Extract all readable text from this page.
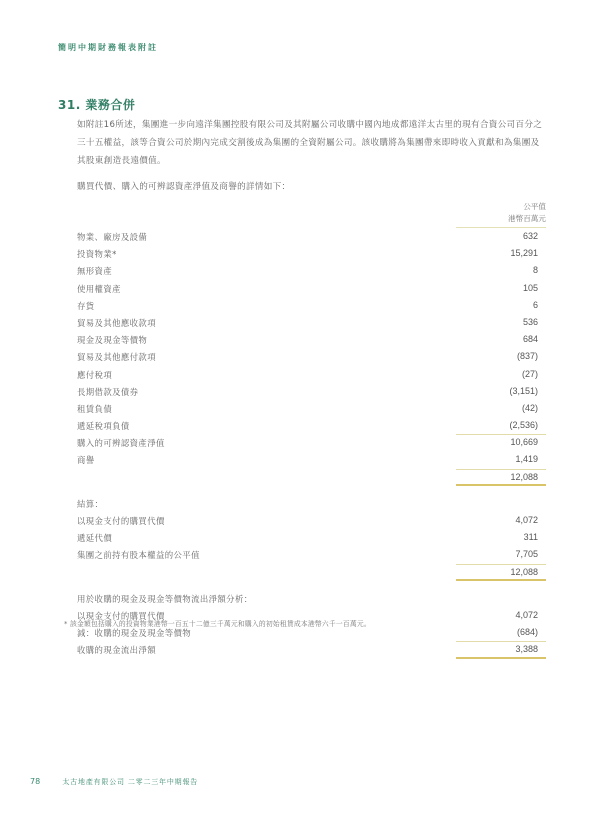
簡明中期財務報表附註
31. 業務合併
如附註16所述，集團進一步向遠洋集團控股有限公司及其附屬公司收購中國內地成都遠洋太古里的現有合資公司百分之三十五權益，該等合資公司於期內完成交割後成為集團的全資附屬公司。該收購將為集團帶來即時收入貢獻和為集團及其股東創造長遠價值。
購買代價、購入的可辨認資產淨值及商譽的詳情如下：
公平值
港幣百萬元
物業、廠房及設備	632
投資物業*	15,291
無形資產	8
使用權資產	105
存貨	6
貿易及其他應收款項	536
現金及現金等價物	684
貿易及其他應付款項	(837)
應付稅項	(27)
長期借款及債券	(3,151)
租賃負債	(42)
遞延稅項負債	(2,536)
購入的可辨認資產淨值	10,669
商譽	1,419
12,088
結算：
以現金支付的購買代價	4,072
遞延代價	311
集團之前持有股本權益的公平值	7,705
12,088
用於收購的現金及現金等價物流出淨額分析：
以現金支付的購買代價	4,072
減：收購的現金及現金等價物	(684)
收購的現金流出淨額	3,388
* 該金額包括購入的投資物業港幣一百五十二億三千萬元和購入的初始租賃成本港幣六千一百萬元。
78	太古地產有限公司 二零二三年中期報告
